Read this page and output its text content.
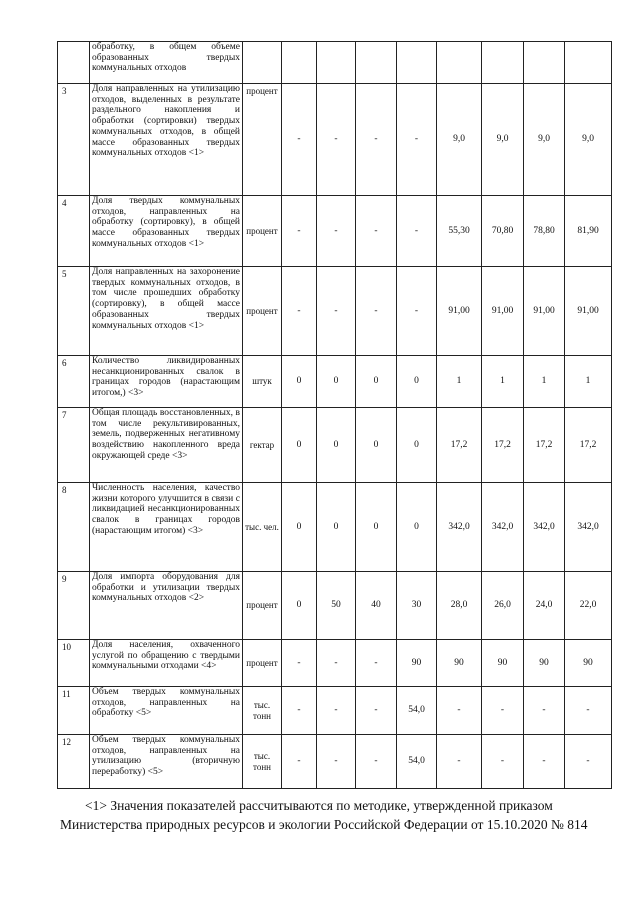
	обработку, в общем объеме образованных твердых коммунальных отходов									
3	Доля направленных на утилизацию отходов, выделенных в результате раздельного накопления и обработки (сортировки) твердых коммунальных отходов, в общей массе образованных твердых коммунальных отходов <1>	процент	-	-	-	-	9,0	9,0	9,0	9,0
4	Доля твердых коммунальных отходов, направленных на обработку (сортировку), в общей массе образованных твердых коммунальных отходов <1>	процент	-	-	-	-	55,30	70,80	78,80	81,90
5	Доля направленных на захоронение твердых коммунальных отходов, в том числе прошедших обработку (сортировку), в общей массе образованных твердых коммунальных отходов <1>	процент	-	-	-	-	91,00	91,00	91,00	91,00
6	Количество ликвидированных несанкционированных свалок в границах городов (нарастающим итогом,) <3>	штук	0	0	0	0	1	1	1	1
7	Общая площадь восстановленных, в том числе рекультивированных, земель, подверженных негативному воздействию накопленного вреда окружающей среде <3>	гектар	0	0	0	0	17,2	17,2	17,2	17,2
8	Численность населения, качество жизни которого улучшится в связи с ликвидацией несанкционированных свалок в границах городов (нарастающим итогом) <3>	тыс. чел.	0	0	0	0	342,0	342,0	342,0	342,0
9	Доля импорта оборудования для обработки и утилизации твердых коммунальных отходов <2>	процент	0	50	40	30	28,0	26,0	24,0	22,0
10	Доля населения, охваченного услугой по обращению с твердыми коммунальными отходами <4>	процент	-	-	-	90	90	90	90	90
11	Объем твердых коммунальных отходов, направленных на обработку <5>	тыс. тонн	-	-	-	54,0	-	-	-	-
12	Объем твердых коммунальных отходов, направленных на утилизацию (вторичную переработку) <5>	тыс. тонн	-	-	-	54,0	-	-	-	-
<1> Значения показателей рассчитываются по методике, утвержденной приказом
Министерства природных ресурсов и экологии Российской Федерации от 15.10.2020 № 814
